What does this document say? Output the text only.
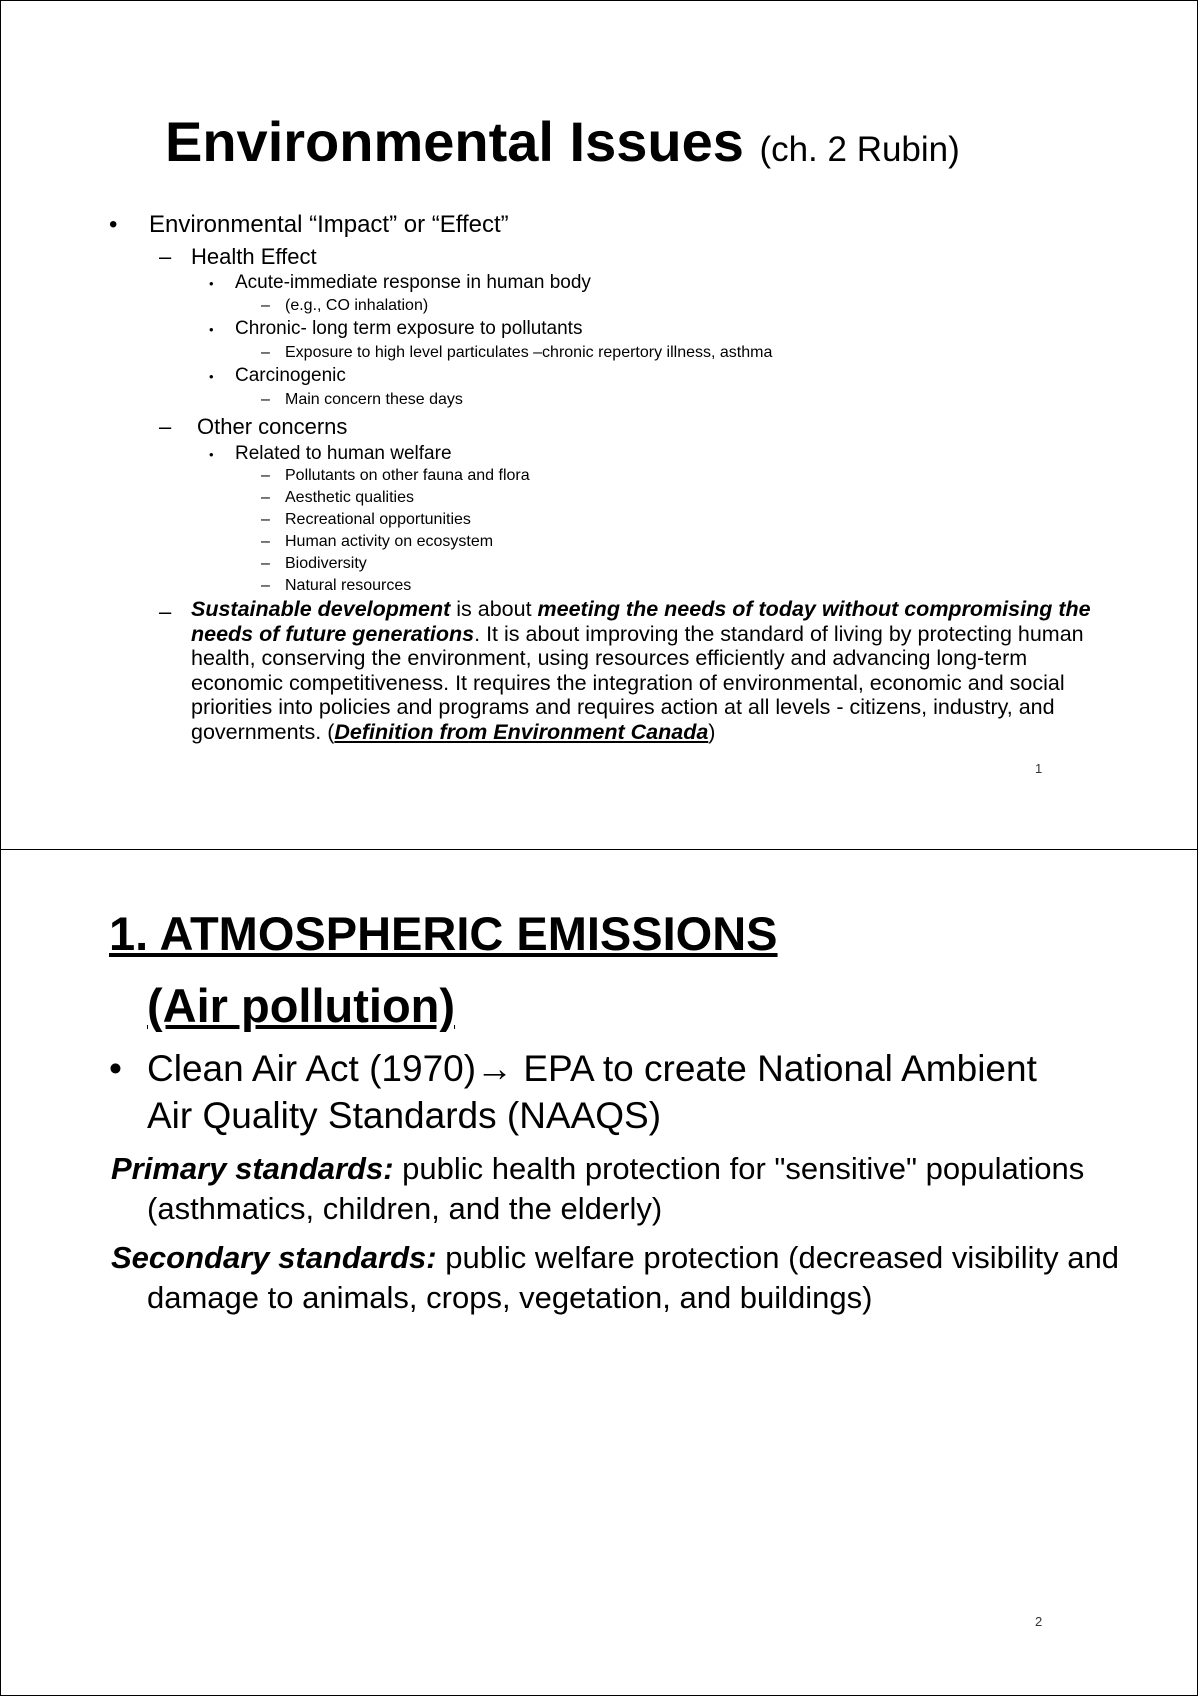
Environmental Issues (ch. 2 Rubin)
• Environmental “Impact” or “Effect”
– Health Effect
• Acute-immediate response in human body
– (e.g., CO inhalation)
• Chronic- long term exposure to pollutants
– Exposure to high level particulates –chronic repertory illness, asthma
• Carcinogenic
– Main concern these days
– Other concerns
• Related to human welfare
– Pollutants on other fauna and flora
– Aesthetic qualities
– Recreational opportunities
– Human activity on ecosystem
– Biodiversity
– Natural resources
– Sustainable development is about meeting the needs of today without compromising the needs of future generations. It is about improving the standard of living by protecting human health, conserving the environment, using resources efficiently and advancing long-term economic competitiveness. It requires the integration of environmental, economic and social priorities into policies and programs and requires action at all levels - citizens, industry, and governments. (Definition from Environment Canada)
1
1. ATMOSPHERIC EMISSIONS
(Air pollution)
• Clean Air Act (1970)→ EPA to create National Ambient
Air Quality Standards (NAAQS)
Primary standards: public health protection for "sensitive" populations (asthmatics, children, and the elderly)
Secondary standards: public welfare protection (decreased visibility and damage to animals, crops, vegetation, and buildings)
2
